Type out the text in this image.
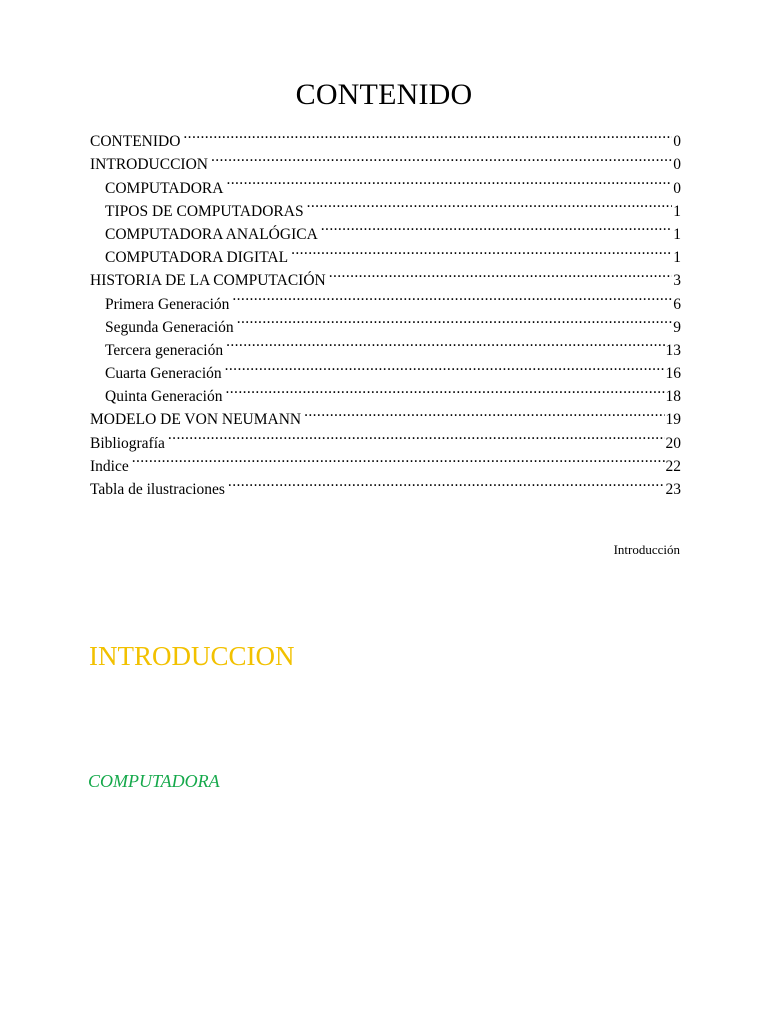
CONTENIDO
CONTENIDO .....	0
INTRODUCCION .....	0
COMPUTADORA .....	0
TIPOS DE COMPUTADORAS .....	1
COMPUTADORA ANALÓGICA .....	1
COMPUTADORA DIGITAL .....	1
HISTORIA DE LA COMPUTACIÓN .....	3
Primera Generación .....	6
Segunda Generación .....	9
Tercera generación .....	13
Cuarta Generación .....	16
Quinta Generación .....	18
MODELO DE VON NEUMANN .....	19
Bibliografía .....	20
Indice .....	22
Tabla de ilustraciones .....	23
Introducción
INTRODUCCION
COMPUTADORA
